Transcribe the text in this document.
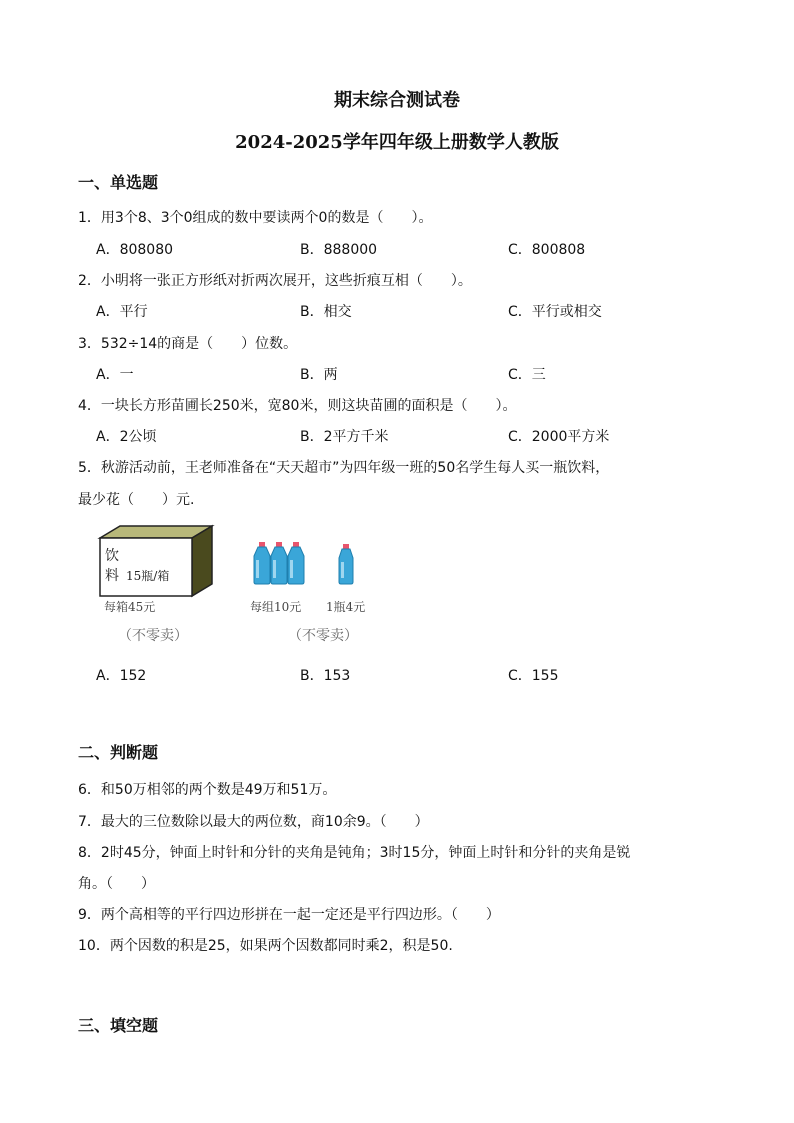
期末综合测试卷
2024-2025学年四年级上册数学人教版
一、单选题
1．用3个8、3个0组成的数中要读两个0的数是（　　）。
A．808080	B．888000	C．800808
2．小明将一张正方形纸对折两次展开，这些折痕互相（　　）。
A．平行	B．相交	C．平行或相交
3．532÷14的商是（　　）位数。
A．一	B．两	C．三
4．一块长方形苗圃长250米，宽80米，则这块苗圃的面积是（　　）。
A．2公顷	B．2平方千米	C．2000平方米
5．秋游活动前，王老师准备在“天天超市”为四年级一班的50名学生每人买一瓶饮料，
最少花（　　）元.
饮
料 15瓶/箱
每箱45元
（不零卖）
每组10元 1瓶4元
（不零卖）
A．152	B．153	C．155
二、判断题
6．和50万相邻的两个数是49万和51万。
7．最大的三位数除以最大的两位数，商10余9。（　　）
8．2时45分，钟面上时针和分针的夹角是钝角；3时15分，钟面上时针和分针的夹角是锐
角。（　　）
9．两个高相等的平行四边形拼在一起一定还是平行四边形。（　　）
10．两个因数的积是25，如果两个因数都同时乘2，积是50.
三、填空题
